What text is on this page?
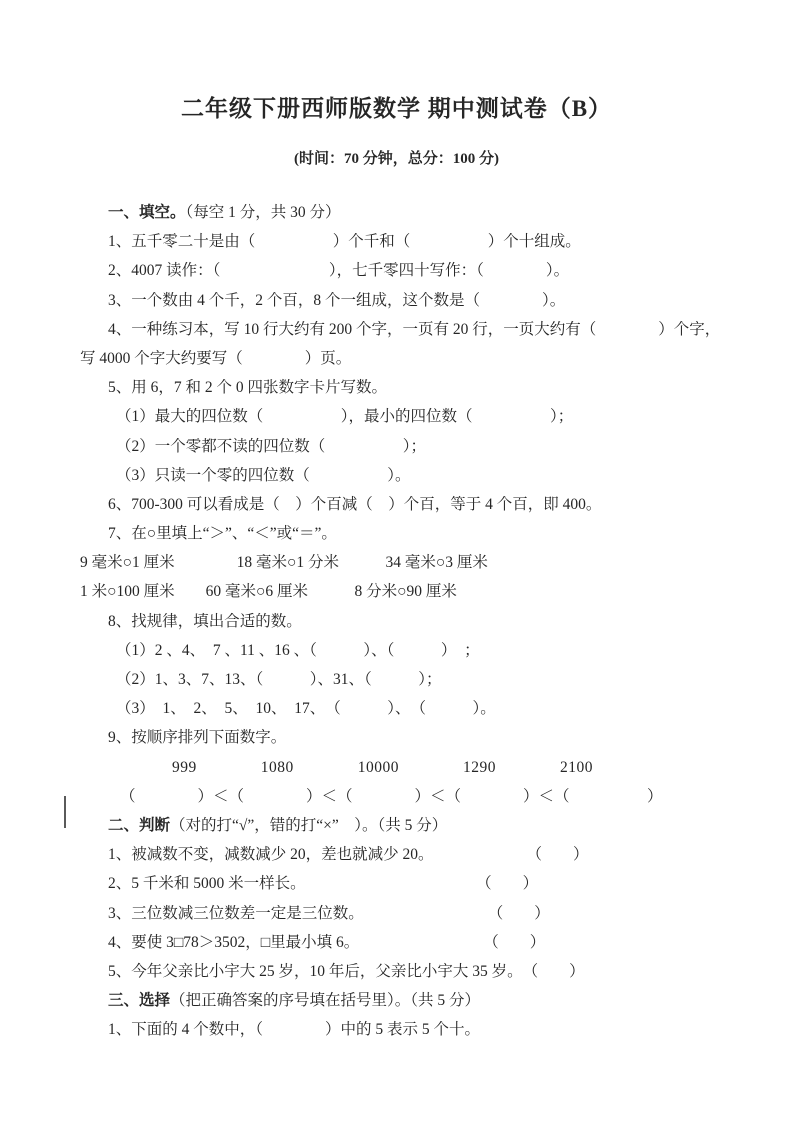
二年级下册西师版数学 期中测试卷（B）
(时间：70 分钟，总分：100 分)

一、填空。（每空 1 分，共 30 分）

1、五千零二十是由（　　　　　）个千和（　　　　　）个十组成。

2、4007 读作：（　　　　　　　），七千零四十写作：（　　　　）。

3、一个数由 4 个千，2 个百，8 个一组成，这个数是（　　　　）。

4、一种练习本，写 10 行大约有 200 个字，一页有 20 行，一页大约有（　　　　）个字，

写 4000 个字大约要写（　　　　）页。

5、用 6，7 和 2 个 0 四张数字卡片写数。

（1）最大的四位数（　　　　　），最小的四位数（　　　　　）；

（2）一个零都不读的四位数（　　　　　）；

（3）只读一个零的四位数（　　　　　）。

6、700-300 可以看成是（　）个百减（　）个百，等于 4 个百，即 400。

7、在○里填上“＞”、“＜”或“＝”。

9 毫米○1 厘米　　　　18 毫米○1 分米　　　34 毫米○3 厘米

1 米○100 厘米　　60 毫米○6 厘米　　　8 分米○90 厘米

8、找规律，填出合适的数。

（1）2 、4、　7 、11 、16 、（　　　）、（　　　）　；

（2）1、3、7、13、（　　　）、31、（　　　）；

（3）　1、　2、　5、　10、　17、　（　　　）、　（　　　）。

9、按顺序排列下面数字。

999　　　　1080　　　　10000　　　　1290　　　　2100

（　　　　）＜（　　　　）＜（　　　　）＜（　　　　）＜（　　　　　）

二、判断（对的打“√”，错的打“×”　）。（共 5 分）

1、被减数不变，减数减少 20，差也就减少 20。　　　　　　　（　　）

2、5 千米和 5000 米一样长。　　　　　　　　　　　　（　　）

3、三位数减三位数差一定是三位数。　　　　　　　　　（　　）

4、要使 3□78＞3502，□里最小填 6。　　　　　　　　　（　　）

5、今年父亲比小宇大 25 岁，10 年后，父亲比小宇大 35 岁。　（　　）

三、选择（把正确答案的序号填在括号里）。（共 5 分）

1、下面的 4 个数中，（　　　　）中的 5 表示 5 个十。
